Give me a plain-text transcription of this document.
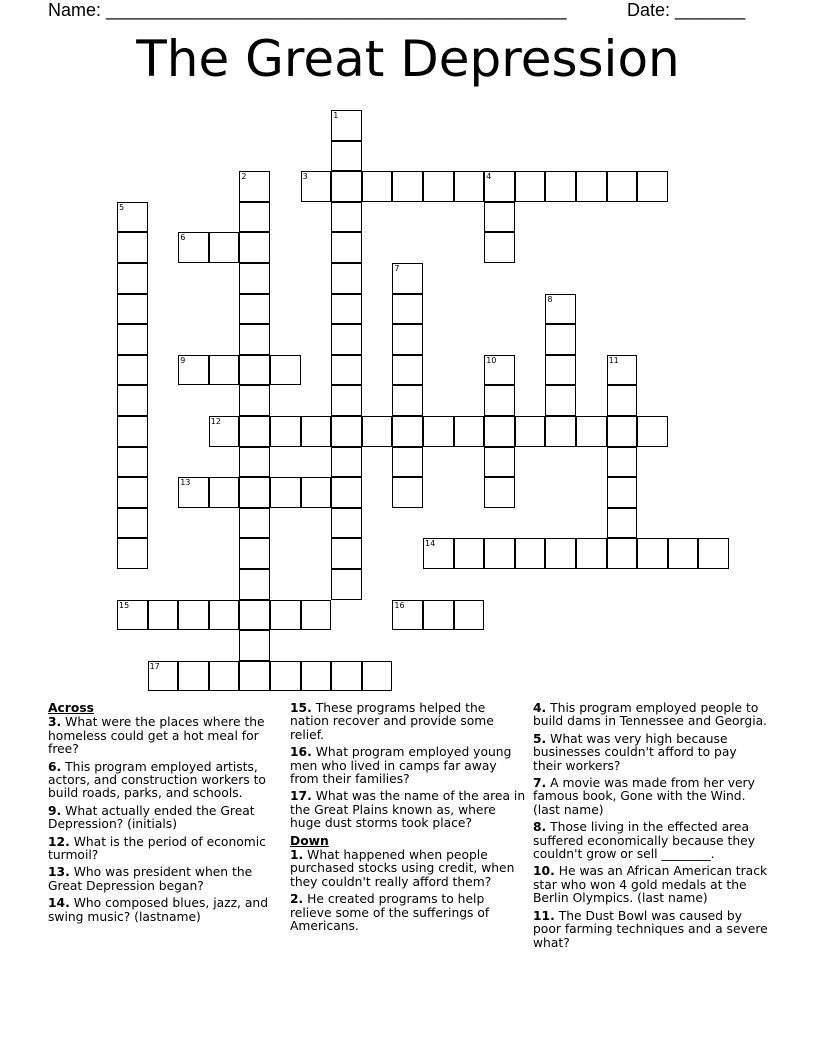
Name: ______________________________________________	Date: _______
The Great Depression
1
2	3	4
5
6
7
8
9	10	11
12
13
14
15	16
17
Across
3. What were the places where the homeless could get a hot meal for free?
6. This program employed artists, actors, and construction workers to build roads, parks, and schools.
9. What actually ended the Great Depression? (initials)
12. What is the period of economic turmoil?
13. Who was president when the Great Depression began?
14. Who composed blues, jazz, and swing music? (lastname)
15. These programs helped the nation recover and provide some relief.
16. What program employed young men who lived in camps far away from their families?
17. What was the name of the area in the Great Plains known as, where huge dust storms took place?
Down
1. What happened when people purchased stocks using credit, when they couldn't really afford them?
2. He created programs to help relieve some of the sufferings of Americans.
4. This program employed people to build dams in Tennessee and Georgia.
5. What was very high because businesses couldn't afford to pay their workers?
7. A movie was made from her very famous book, Gone with the Wind. (last name)
8. Those living in the effected area suffered economically because they couldn't grow or sell ________.
10. He was an African American track star who won 4 gold medals at the Berlin Olympics. (last name)
11. The Dust Bowl was caused by poor farming techniques and a severe what?
